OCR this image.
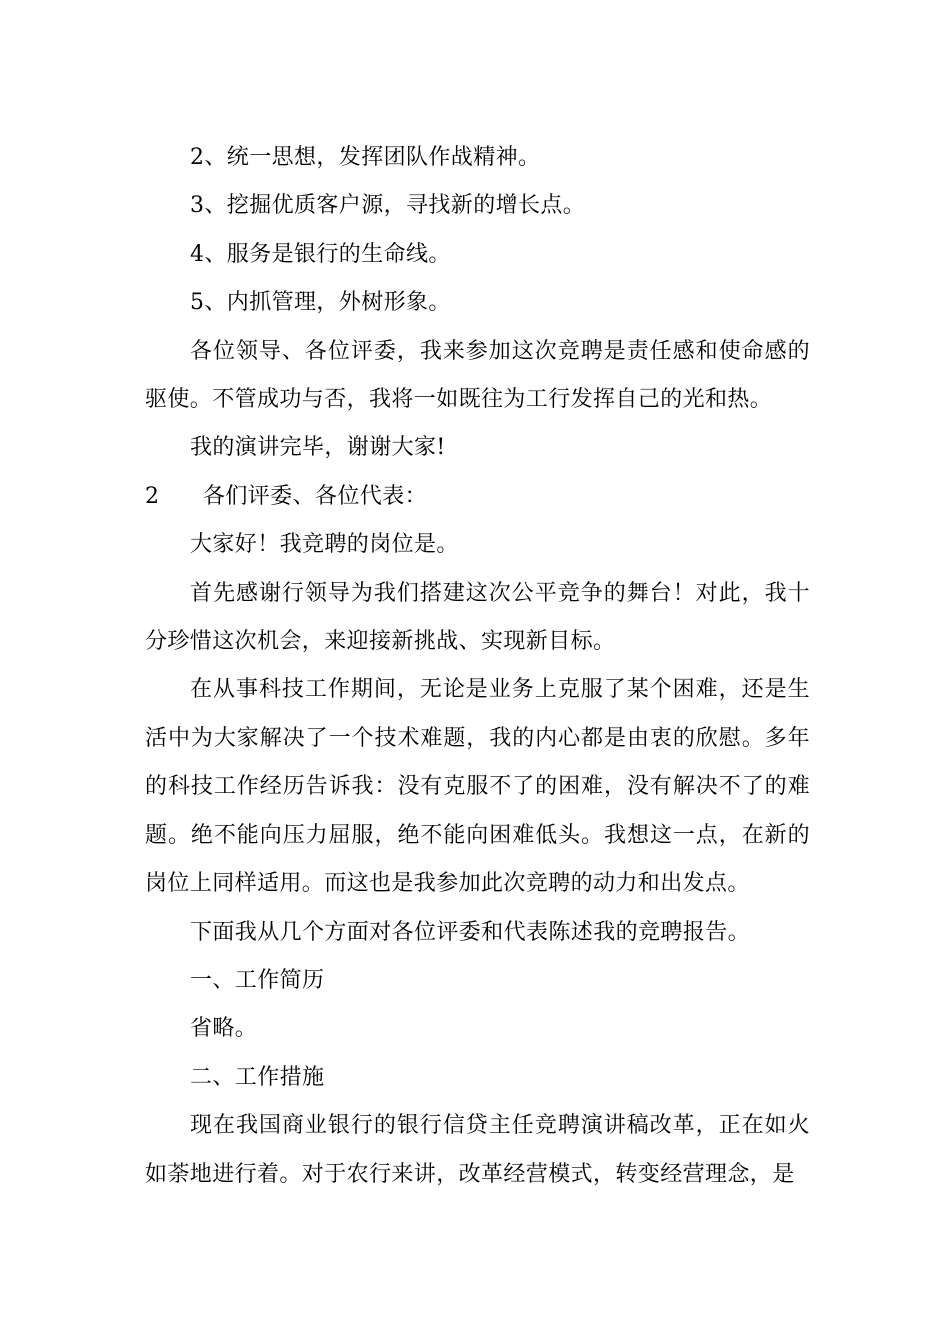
2、统一思想，发挥团队作战精神。

3、挖掘优质客户源，寻找新的增长点。

4、服务是银行的生命线。

5、内抓管理，外树形象。

各位领导、各位评委，我来参加这次竞聘是责任感和使命感的驱使。不管成功与否，我将一如既往为工行发挥自己的光和热。

我的演讲完毕，谢谢大家!

2 各们评委、各位代表：

大家好！我竞聘的岗位是。

首先感谢行领导为我们搭建这次公平竞争的舞台！对此，我十分珍惜这次机会，来迎接新挑战、实现新目标。

在从事科技工作期间，无论是业务上克服了某个困难，还是生活中为大家解决了一个技术难题，我的内心都是由衷的欣慰。多年的科技工作经历告诉我：没有克服不了的困难，没有解决不了的难题。绝不能向压力屈服，绝不能向困难低头。我想这一点，在新的岗位上同样适用。而这也是我参加此次竞聘的动力和出发点。

下面我从几个方面对各位评委和代表陈述我的竞聘报告。

一、工作简历

省略。

二、工作措施

现在我国商业银行的银行信贷主任竞聘演讲稿改革，正在如火如荼地进行着。对于农行来讲，改革经营模式，转变经营理念，是
